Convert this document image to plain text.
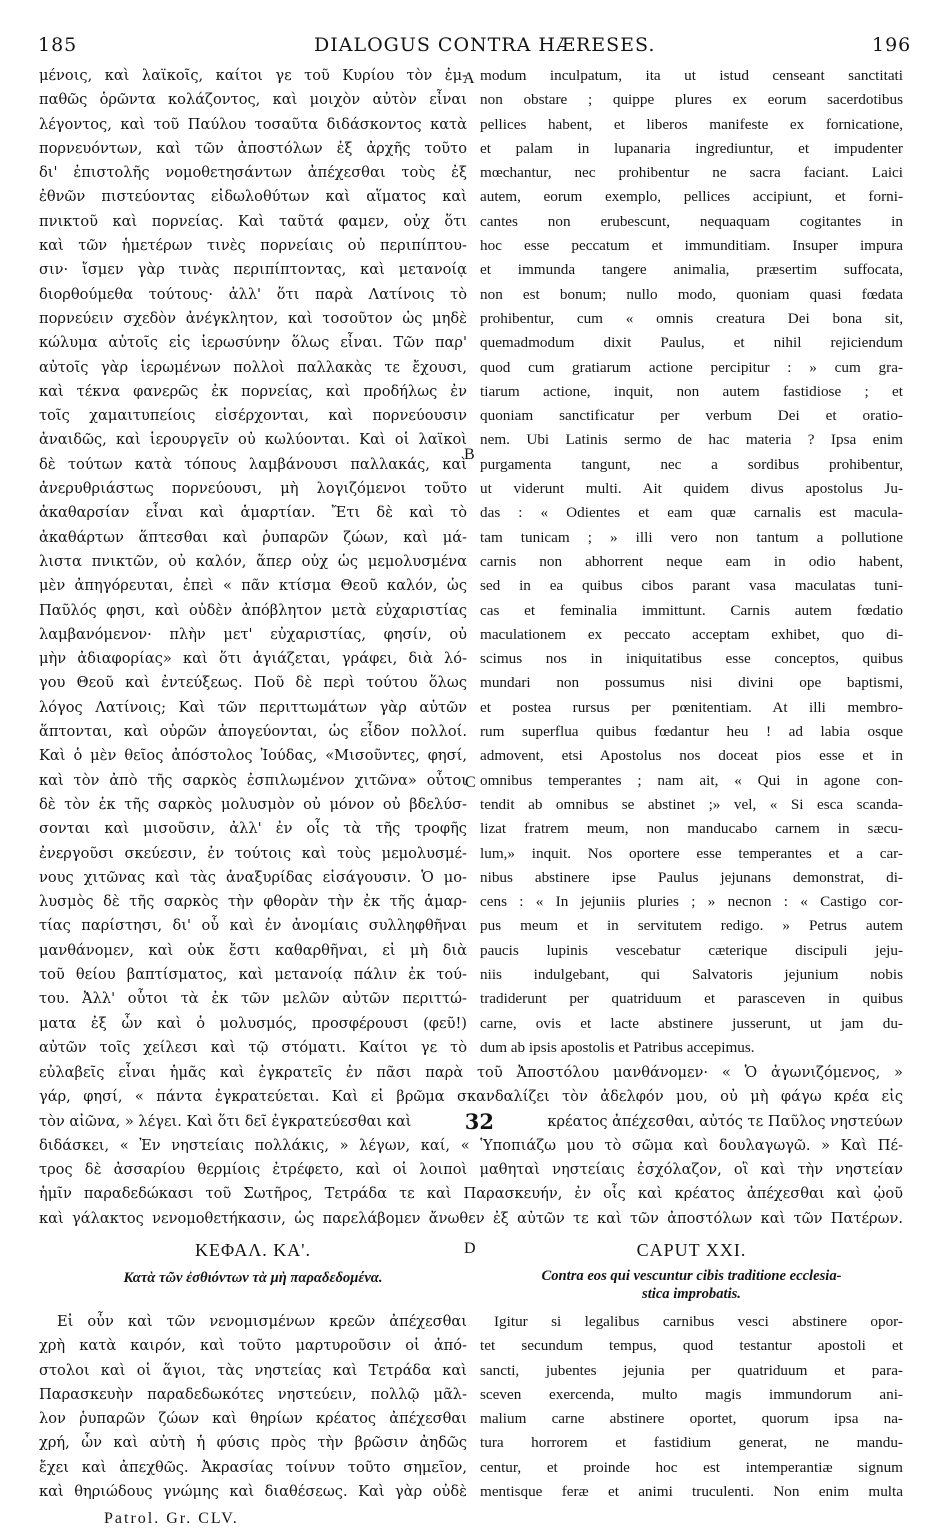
185	DIALOGUS CONTRA HÆRESES.	196
A
B
C
D
μένοις, καὶ λαϊκοῖς, καίτοι γε τοῦ Κυρίου τὸν ἐμ-
παθῶς ὁρῶντα κολάζοντος, καὶ μοιχὸν αὐτὸν εἶναι
λέγοντος, καὶ τοῦ Παύλου τοσαῦτα διδάσκοντος κατὰ
πορνευόντων, καὶ τῶν ἀποστόλων ἐξ ἀρχῆς τοῦτο
δι' ἐπιστολῆς νομοθετησάντων ἀπέχεσθαι τοὺς ἐξ
ἐθνῶν πιστεύοντας εἰδωλοθύτων καὶ αἵματος καὶ
πνικτοῦ καὶ πορνείας. Καὶ ταῦτά φαμεν, οὐχ ὅτι
καὶ τῶν ἡμετέρων τινὲς πορνείαις οὐ περιπίπτου-
σιν· ἴσμεν γὰρ τινὰς περιπίπτοντας, καὶ μετανοίᾳ
διορθούμεθα τούτους· ἀλλ' ὅτι παρὰ Λατίνοις τὸ
πορνεύειν σχεδὸν ἀνέγκλητον, καὶ τοσοῦτον ὡς μηδὲ
κώλυμα αὐτοῖς εἰς ἱερωσύνην ὅλως εἶναι. Τῶν παρ'
αὐτοῖς γὰρ ἱερωμένων πολλοὶ παλλακὰς τε ἔχουσι,
καὶ τέκνα φανερῶς ἐκ πορνείας, καὶ προδήλως ἐν
τοῖς χαμαιτυπείοις εἰσέρχονται, καὶ πορνεύουσιν
ἀναιδῶς, καὶ ἱερουργεῖν οὐ κωλύονται. Καὶ οἱ λαϊκοὶ
δὲ τούτων κατὰ τόπους λαμβάνουσι παλλακάς, καὶ
ἀνερυθριάστως πορνεύουσι, μὴ λογιζόμενοι τοῦτο
ἀκαθαρσίαν εἶναι καὶ ἁμαρτίαν. Ἔτι δὲ καὶ τὸ
ἀκαθάρτων ἅπτεσθαι καὶ ῥυπαρῶν ζώων, καὶ μά-
λιστα πνικτῶν, οὐ καλόν, ἅπερ οὐχ ὡς μεμολυσμένα
μὲν ἀπηγόρευται, ἐπεὶ « πᾶν κτίσμα Θεοῦ καλόν, ὡς
Παῦλός φησι, καὶ οὐδὲν ἀπόβλητον μετὰ εὐχαριστίας
λαμβανόμενον· πλὴν μετ' εὐχαριστίας, φησίν, οὐ
μὴν ἀδιαφορίας» καὶ ὅτι ἁγιάζεται, γράφει, διὰ λό-
γου Θεοῦ καὶ ἐντεύξεως. Ποῦ δὲ περὶ τούτου ὅλως
λόγος Λατίνοις; Καὶ τῶν περιττωμάτων γὰρ αὐτῶν
ἅπτονται, καὶ οὐρῶν ἀπογεύονται, ὡς εἶδον πολλοί.
Καὶ ὁ μὲν θεῖος ἀπόστολος Ἰούδας, «Μισοῦντες, φησί,
καὶ τὸν ἀπὸ τῆς σαρκὸς ἐσπιλωμένον χιτῶνα» οὗτοι
δὲ τὸν ἐκ τῆς σαρκὸς μολυσμὸν οὐ μόνον οὐ βδελύσ-
σονται καὶ μισοῦσιν, ἀλλ' ἐν οἷς τὰ τῆς τροφῆς
ἐνεργοῦσι σκεύεσιν, ἐν τούτοις καὶ τοὺς μεμολυσμέ-
νους χιτῶνας καὶ τὰς ἀναξυρίδας εἰσάγουσιν. Ὁ μο-
λυσμὸς δὲ τῆς σαρκὸς τὴν φθορὰν τὴν ἐκ τῆς ἁμαρ-
τίας παρίστησι, δι' οὗ καὶ ἐν ἀνομίαις συλληφθῆναι
μανθάνομεν, καὶ οὐκ ἔστι καθαρθῆναι, εἰ μὴ διὰ
τοῦ θείου βαπτίσματος, καὶ μετανοίᾳ πάλιν ἐκ τού-
του. Ἀλλ' οὗτοι τὰ ἐκ τῶν μελῶν αὐτῶν περιττώ-
ματα ἐξ ὧν καὶ ὁ μολυσμός, προσφέρουσι (φεῦ!)
αὐτῶν τοῖς χείλεσι καὶ τῷ στόματι. Καίτοι γε τὸ
modum inculpatum, ita ut istud censeant sanctitati
non obstare ; quippe plures ex eorum sacerdotibus
pellices habent, et liberos manifeste ex fornicatione,
et palam in lupanaria ingrediuntur, et impudenter
mœchantur, nec prohibentur ne sacra faciant. Laici
autem, eorum exemplo, pellices accipiunt, et forni-
cantes non erubescunt, nequaquam cogitantes in
hoc esse peccatum et immunditiam. Insuper impura
et immunda tangere animalia, præsertim suffocata,
non est bonum; nullo modo, quoniam quasi fœdata
prohibentur, cum « omnis creatura Dei bona sit,
quemadmodum dixit Paulus, et nihil rejiciendum
quod cum gratiarum actione percipitur : » cum gra-
tiarum actione, inquit, non autem fastidiose ; et
quoniam sanctificatur per verbum Dei et oratio-
nem. Ubi Latinis sermo de hac materia ? Ipsa enim
purgamenta tangunt, nec a sordibus prohibentur,
ut viderunt multi. Ait quidem divus apostolus Ju-
das : « Odientes et eam quæ carnalis est macula-
tam tunicam ; » illi vero non tantum a pollutione
carnis non abhorrent neque eam in odio habent,
sed in ea quibus cibos parant vasa maculatas tuni-
cas et feminalia immittunt. Carnis autem fœdatio
maculationem ex peccato acceptam exhibet, quo di-
scimus nos in iniquitatibus esse conceptos, quibus
mundari non possumus nisi divini ope baptismi,
et postea rursus per pœnitentiam. At illi membro-
rum superflua quibus fœdantur heu ! ad labia osque
admovent, etsi Apostolus nos doceat pios esse et in
omnibus temperantes ; nam ait, « Qui in agone con-
tendit ab omnibus se abstinet ;» vel, « Si esca scanda-
lizat fratrem meum, non manducabo carnem in sæcu-
lum,» inquit. Nos oportere esse temperantes et a car-
nibus abstinere ipse Paulus jejunans demonstrat, di-
cens : « In jejuniis pluries ; » necnon : « Castigo cor-
pus meum et in servitutem redigo. » Petrus autem
paucis lupinis vescebatur cæterique discipuli jeju-
niis indulgebant, qui Salvatoris jejunium nobis
tradiderunt per quatriduum et parasceven in quibus
carne, ovis et lacte abstinere jusserunt, ut jam du-
dum ab ipsis apostolis et Patribus accepimus.
εὐλαβεῖς εἶναι ἡμᾶς καὶ ἐγκρατεῖς ἐν πᾶσι παρὰ τοῦ Ἀποστόλου μανθάνομεν· « Ὁ ἀγωνιζόμενος, »
γάρ, φησί, « πάντα ἐγκρατεύεται. Καὶ εἰ βρῶμα σκανδαλίζει τὸν ἀδελφόν μου, οὐ μὴ φάγω κρέα εἰς
τὸν αἰῶνα, » λέγει. Καὶ ὅτι δεῖ ἐγκρατεύεσθαι καὶ	32	κρέατος ἀπέχεσθαι, αὐτός τε Παῦλος νηστεύων
διδάσκει, « Ἐν νηστείαις πολλάκις, » λέγων, καί, « Ὑποπιάζω μου τὸ σῶμα καὶ δουλαγωγῶ. » Καὶ Πέ-
τρος δὲ ἀσσαρίου θερμίοις ἐτρέφετο, καὶ οἱ λοιποὶ μαθηταὶ νηστείαις ἐσχόλαζον, οἳ καὶ τὴν νηστείαν
ἡμῖν παραδεδώκασι τοῦ Σωτῆρος, Τετράδα τε καὶ Παρασκευήν, ἐν οἷς καὶ κρέατος ἀπέχεσθαι καὶ ᾠοῦ
καὶ γάλακτος νενομοθετήκασιν, ὡς παρελάβομεν ἄνωθεν ἐξ αὐτῶν τε καὶ τῶν ἀποστόλων καὶ τῶν Πατέρων.
ΚΕΦΑΛ. ΚΑ'.
Κατὰ τῶν ἐσθιόντων τὰ μὴ παραδεδομένα.
CAPUT XXI.
Contra eos qui vescuntur cibis traditione ecclesia-
stica improbatis.
Εἰ οὖν καὶ τῶν νενομισμένων κρεῶν ἀπέχεσθαι
χρὴ κατὰ καιρόν, καὶ τοῦτο μαρτυροῦσιν οἱ ἀπό-
στολοι καὶ οἱ ἅγιοι, τὰς νηστείας καὶ Τετράδα καὶ
Παρασκευὴν παραδεδωκότες νηστεύειν, πολλῷ μᾶλ-
λον ῥυπαρῶν ζώων καὶ θηρίων κρέατος ἀπέχεσθαι
χρή, ὧν καὶ αὐτὴ ἡ φύσις πρὸς τὴν βρῶσιν ἀηδῶς
ἔχει καὶ ἀπεχθῶς. Ἀκρασίας τοίνυν τοῦτο σημεῖον,
καὶ θηριώδους γνώμης καὶ διαθέσεως. Καὶ γὰρ οὐδὲ
Igitur si legalibus carnibus vesci abstinere opor-
tet secundum tempus, quod testantur apostoli et
sancti, jubentes jejunia per quatriduum et para-
sceven exercenda, multo magis immundorum ani-
malium carne abstinere oportet, quorum ipsa na-
tura horrorem et fastidium generat, ne mandu-
centur, et proinde hoc est intemperantiæ signum
mentisque feræ et animi truculenti. Non enim multa
Patrol. Gr. CLV.
